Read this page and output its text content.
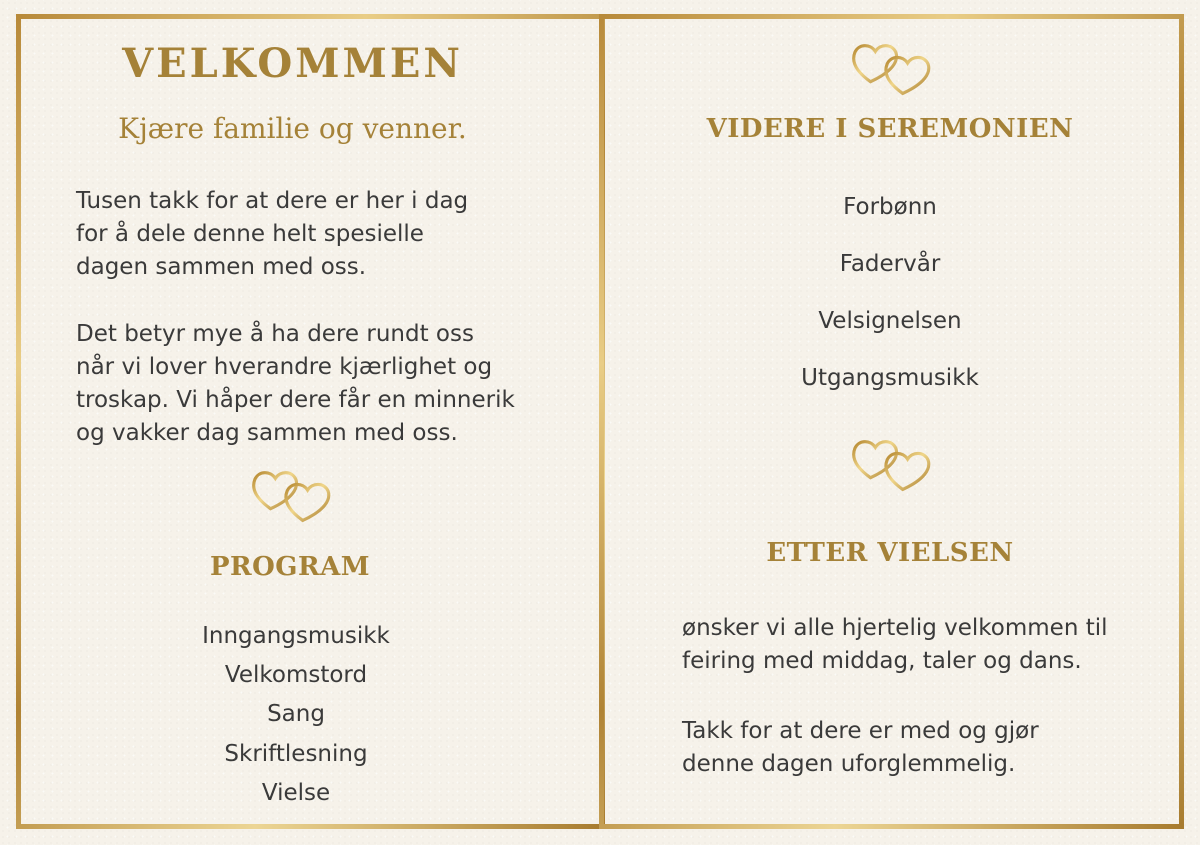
VELKOMMEN

Kjære familie og venner.

Tusen takk for at dere er her i dag
for å dele denne helt spesielle
dagen sammen med oss.

Det betyr mye å ha dere rundt oss
når vi lover hverandre kjærlighet og
troskap. Vi håper dere får en minnerik
og vakker dag sammen med oss.

PROGRAM
Inngangsmusikk
Velkomstord
Sang
Skriftlesning
Vielse
VIDERE I SEREMONIEN
Forbønn
Fadervår
Velsignelsen
Utgangsmusikk
ETTER VIELSEN

ønsker vi alle hjertelig velkommen til
feiring med middag, taler og dans.

Takk for at dere er med og gjør
denne dagen uforglemmelig.
